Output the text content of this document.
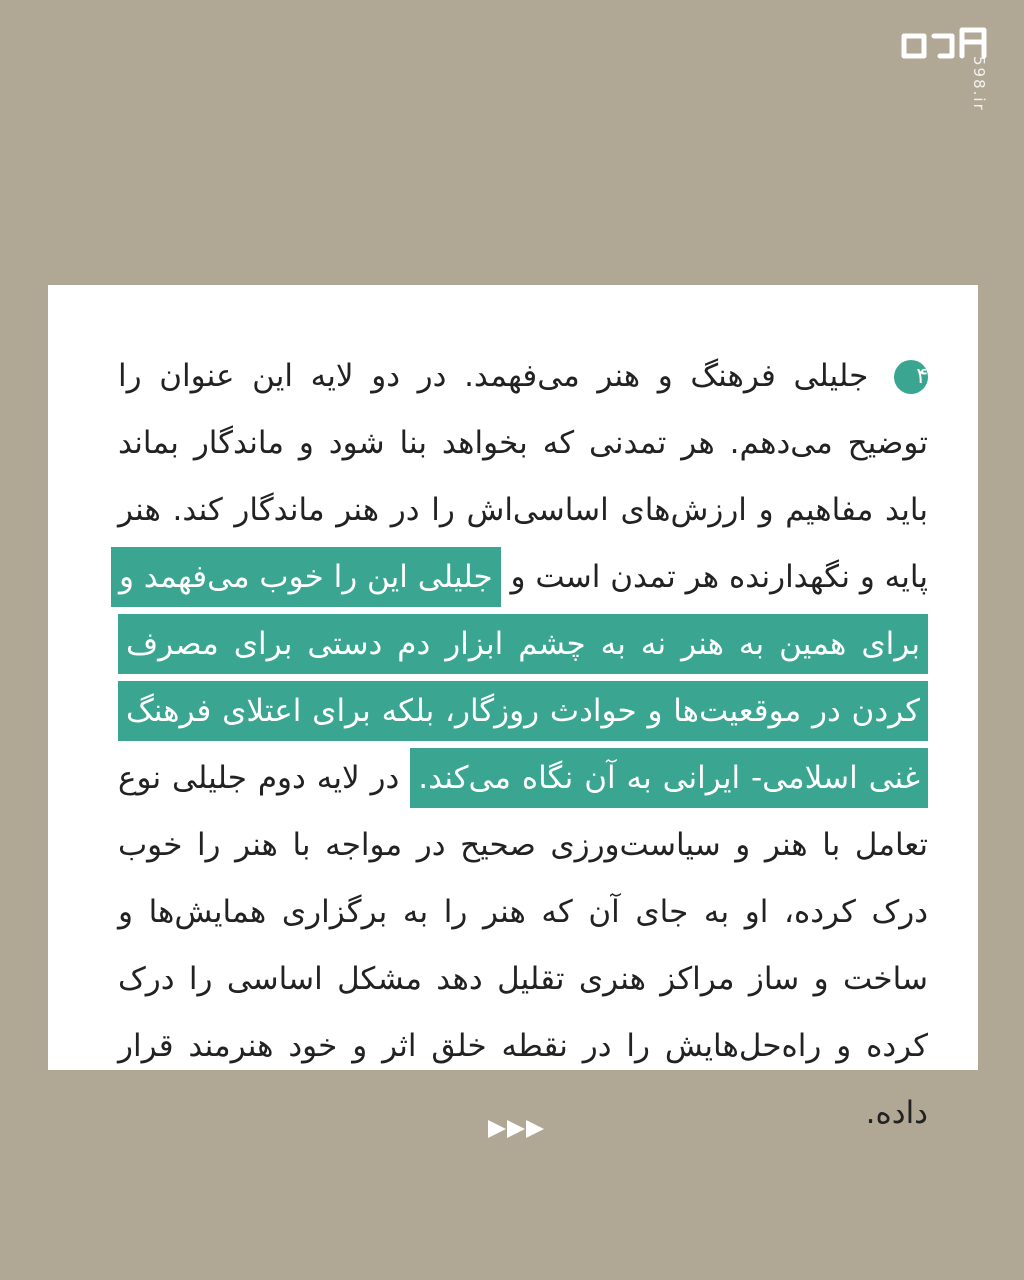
598.ir
۴ جلیلی فرهنگ و هنر می‌فهمد. در دو لایه این عنوان را توضیح می‌دهم. هر تمدنی که بخواهد بنا شود و ماندگار بماند باید مفاهیم و ارزش‌های اساسی‌اش را در هنر ماندگار کند. هنر پایه و نگهدارنده هر تمدن است و جلیلی این را خوب می‌فهمد و برای همین به هنر نه به چشم ابزار دم دستی برای مصرف کردن در موقعیت‌ها و حوادث روزگار، بلکه برای اعتلای فرهنگ غنی اسلامی- ایرانی به آن نگاه می‌کند. در لایه دوم جلیلی نوع تعامل با هنر و سیاست‌ورزی صحیح در مواجه با هنر را خوب درک کرده، او به جای آن که هنر را به برگزاری همایش‌ها و ساخت و ساز مراکز هنری تقلیل دهد مشکل اساسی را درک کرده و راه‌حل‌هایش را در نقطه خلق اثر و خود هنرمند قرار داده.
